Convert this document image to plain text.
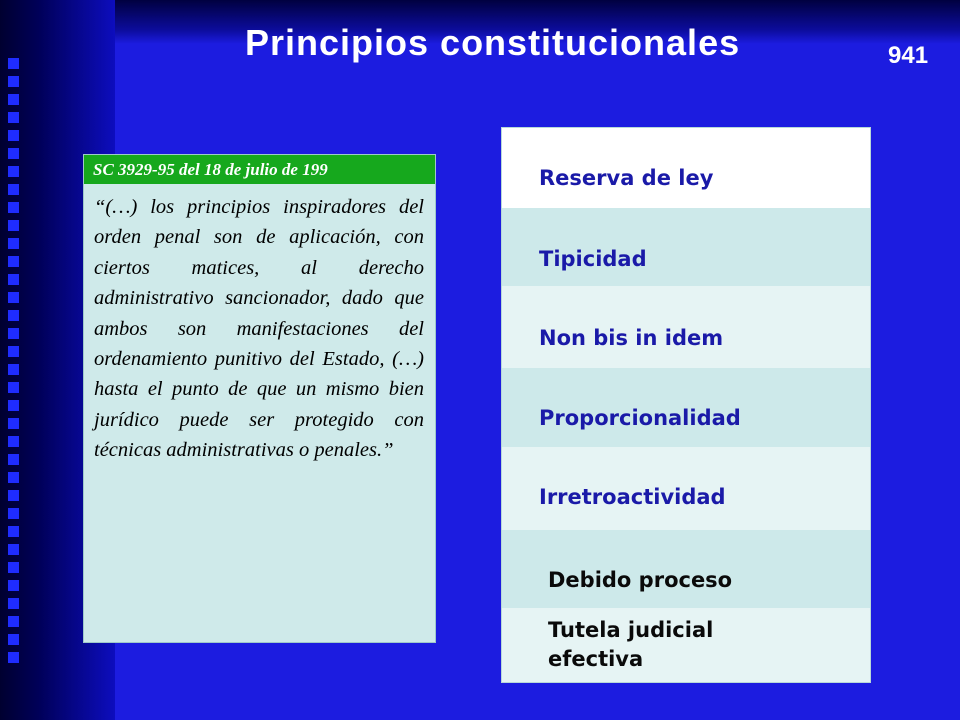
Principios constitucionales	941
SC 3929-95 del 18 de julio de 199
“(…) los principios inspiradores del orden penal son de aplicación, con ciertos matices, al derecho administrativo sancionador, dado que ambos son manifestaciones del ordenamiento punitivo del Estado, (…) hasta el punto de que un mismo bien jurídico puede ser protegido con técnicas administrativas o penales.”
Reserva de ley
Tipicidad
Non bis in idem
Proporcionalidad
Irretroactividad
Debido proceso
Tutela judicial efectiva
